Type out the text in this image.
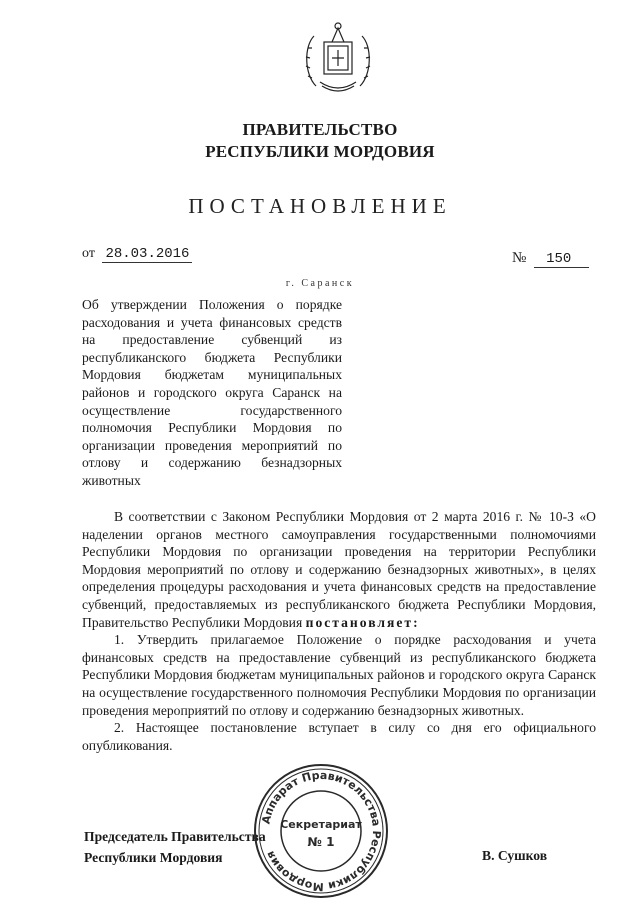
ПРАВИТЕЛЬСТВО
РЕСПУБЛИКИ МОРДОВИЯ
ПОСТАНОВЛЕНИЕ
от 28.03.2016	№ 150
г. Саранск
Об утверждении Положения о порядке расходования и учета финансовых средств на предоставление субвенций из республиканского бюджета Республики Мордовия бюджетам муниципальных районов и городского округа Саранск на осуществление государственного полномочия Республики Мордовия по организации проведения мероприятий по отлову и содержанию безнадзорных животных

В соответствии с Законом Республики Мордовия от 2 марта 2016 г. № 10-З «О наделении органов местного самоуправления государственными полномочиями Республики Мордовия по организации проведения на территории Республики Мордовия мероприятий по отлову и содержанию безнадзорных животных», в целях определения процедуры расходования и учета финансовых средств на предоставление субвенций, предоставляемых из республиканского бюджета Республики Мордовия, Правительство Республики Мордовия постановляет:

1. Утвердить прилагаемое Положение о порядке расходования и учета финансовых средств на предоставление субвенций из республиканского бюджета Республики Мордовия бюджетам муниципальных районов и городского округа Саранск на осуществление государственного полномочия Республики Мордовия по организации проведения мероприятий по отлову и содержанию безнадзорных животных.

2. Настоящее постановление вступает в силу со дня его официального опубликования.

Председатель Правительства
Республики Мордовия	В. Сушков
Аппарат Правительства Республики Мордовия
Секретариат
№ 1
